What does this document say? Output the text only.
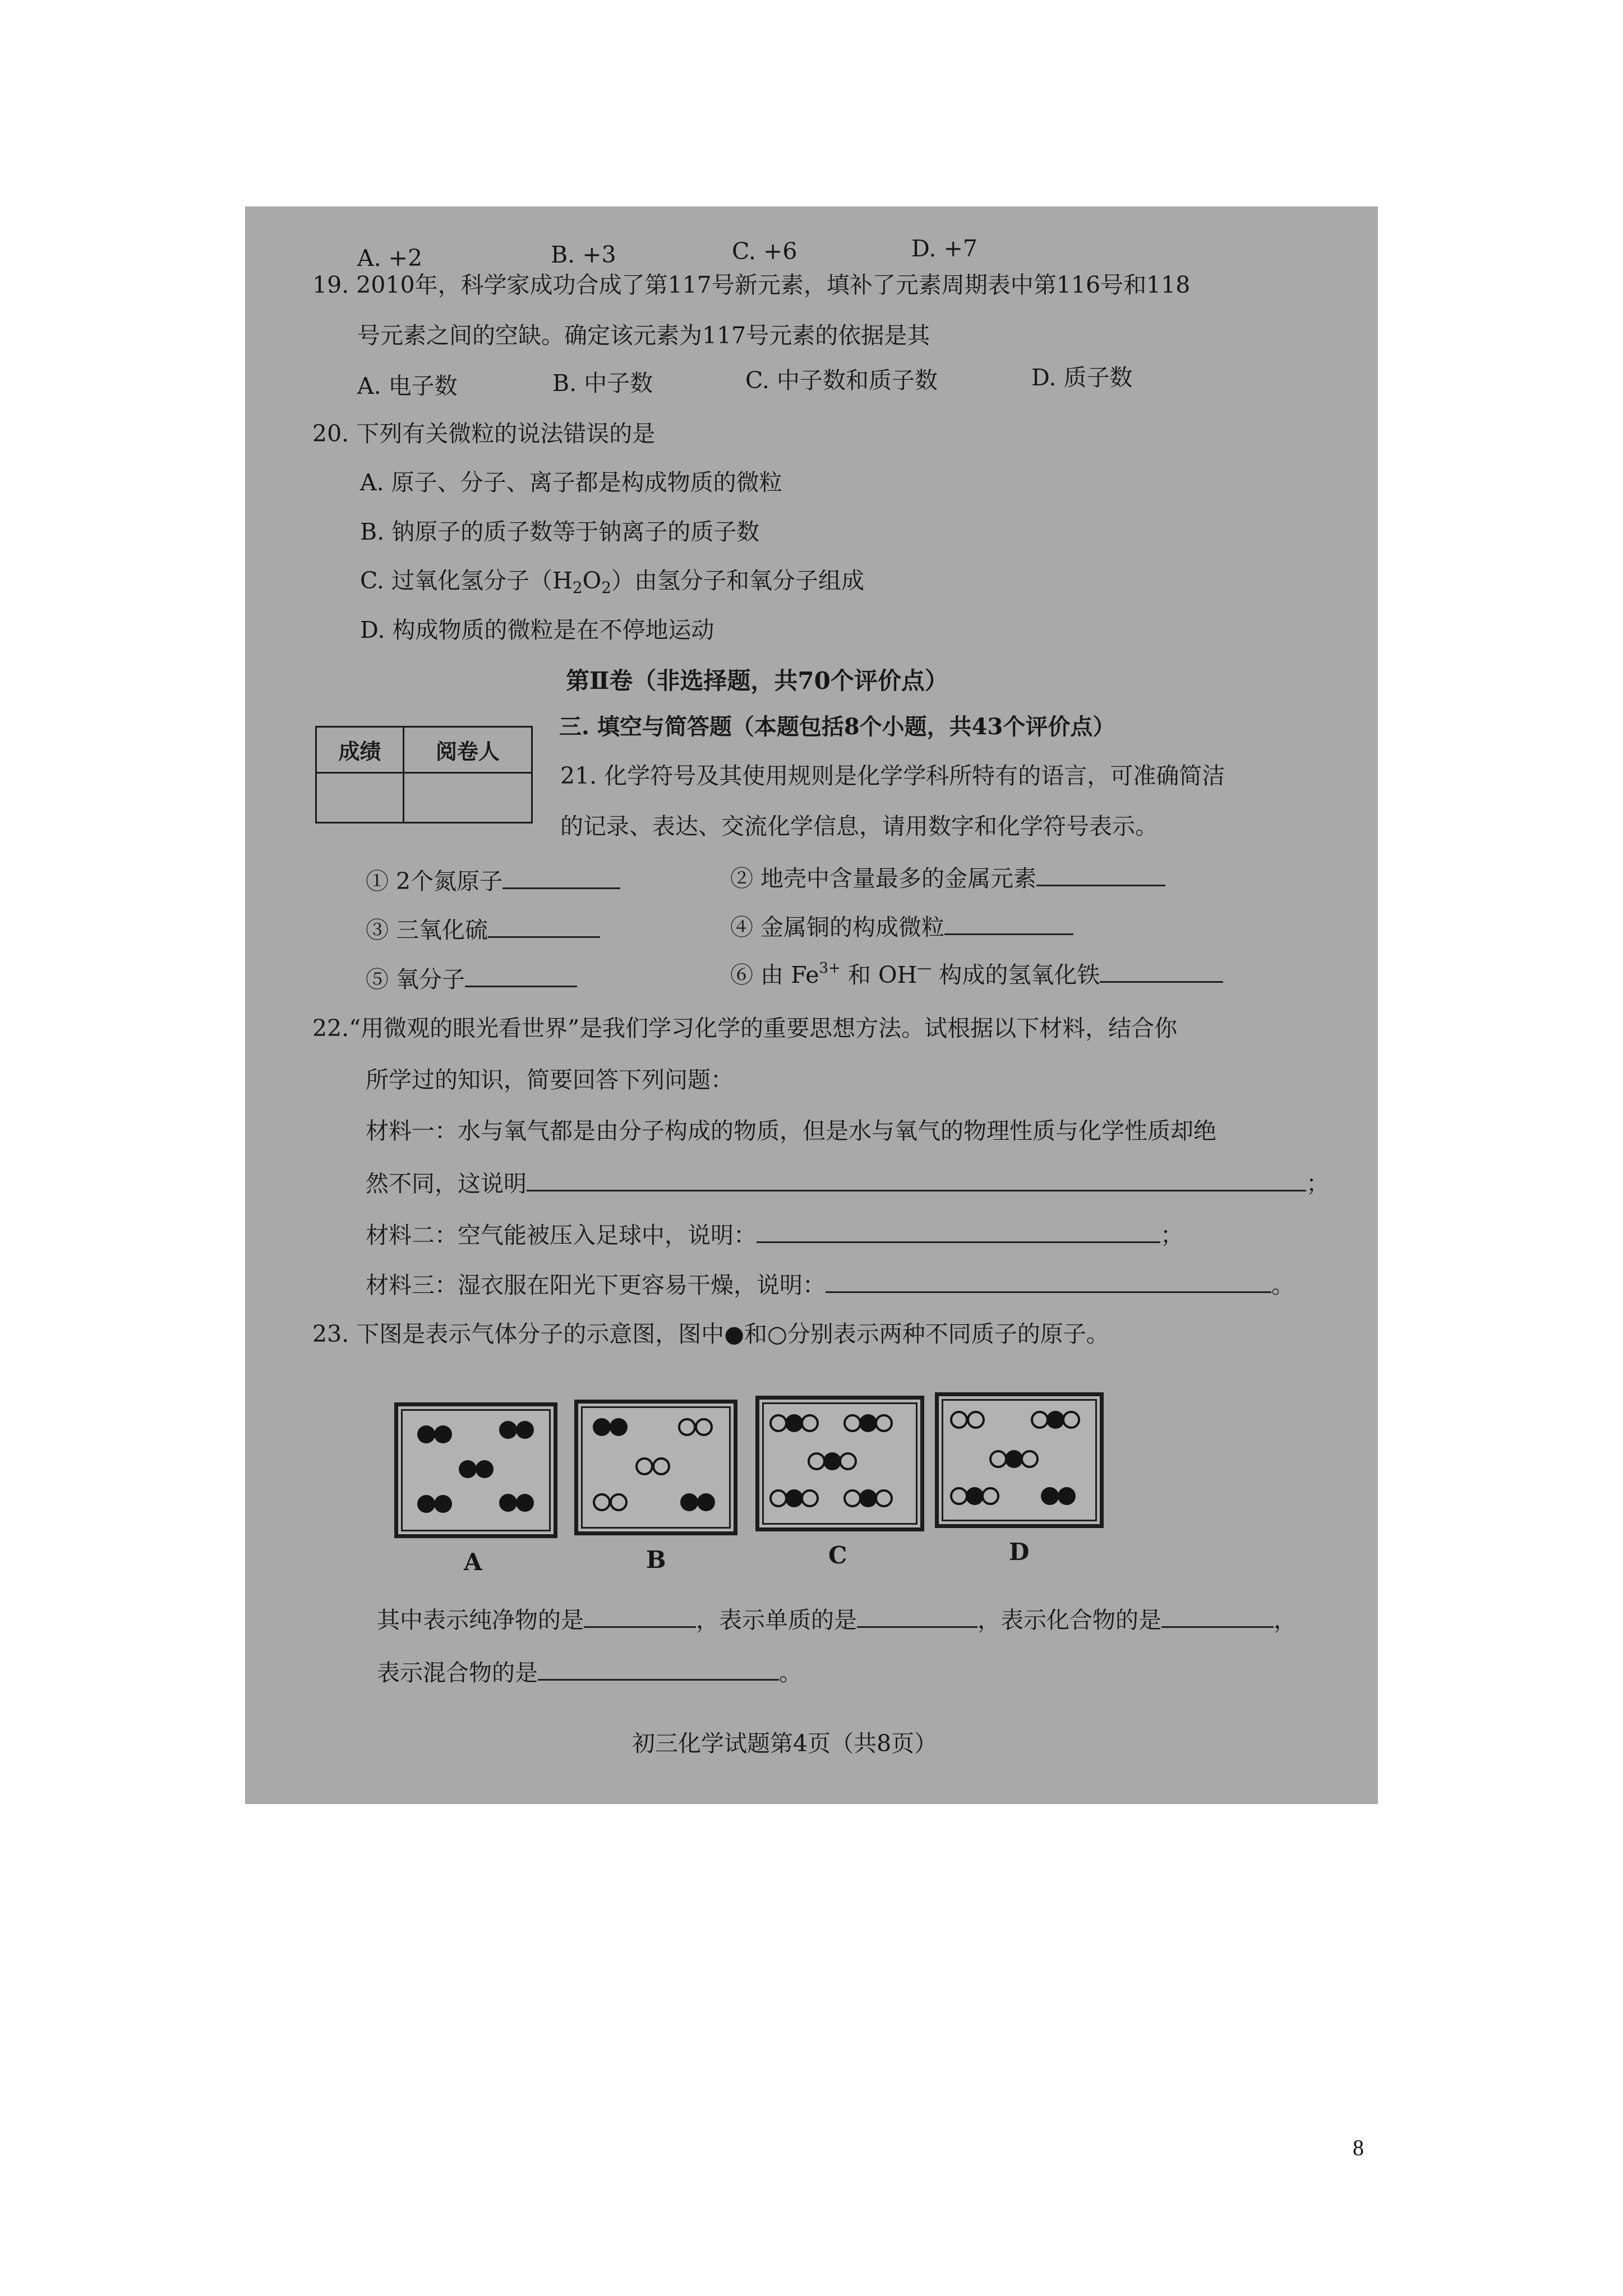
A. +2	B. +3	C. +6	D. +7
19. 2010年，科学家成功合成了第117号新元素，填补了元素周期表中第116号和118
号元素之间的空缺。确定该元素为117号元素的依据是其
A. 电子数	B. 中子数	C. 中子数和质子数	D. 质子数
20. 下列有关微粒的说法错误的是
A. 原子、分子、离子都是构成物质的微粒
B. 钠原子的质子数等于钠离子的质子数
C. 过氧化氢分子（H2O2）由氢分子和氧分子组成
D. 构成物质的微粒是在不停地运动
第Ⅱ卷（非选择题，共70个评价点）
成绩	阅卷人

三. 填空与简答题（本题包括8个小题，共43个评价点）
21. 化学符号及其使用规则是化学学科所特有的语言，可准确简洁
的记录、表达、交流化学信息，请用数字和化学符号表示。
① 2个氮原子	② 地壳中含量最多的金属元素
③ 三氧化硫	④ 金属铜的构成微粒
⑤ 氧分子	⑥ 由 $Fe^{3+}$ 和 OH— 构成的氢氧化铁
22.“用微观的眼光看世界”是我们学习化学的重要思想方法。试根据以下材料，结合你
所学过的知识，简要回答下列问题：
材料一：水与氧气都是由分子构成的物质，但是水与氧气的物理性质与化学性质却绝
然不同，这说明	；
材料二：空气能被压入足球中，说明：	；
材料三：湿衣服在阳光下更容易干燥，说明：	。
23. 下图是表示气体分子的示意图，图中●和○分别表示两种不同质子的原子。
A	B	C	D
其中表示纯净物的是	，表示单质的是	，表示化合物的是	，
表示混合物的是	。
初三化学试题第4页（共8页）
8
